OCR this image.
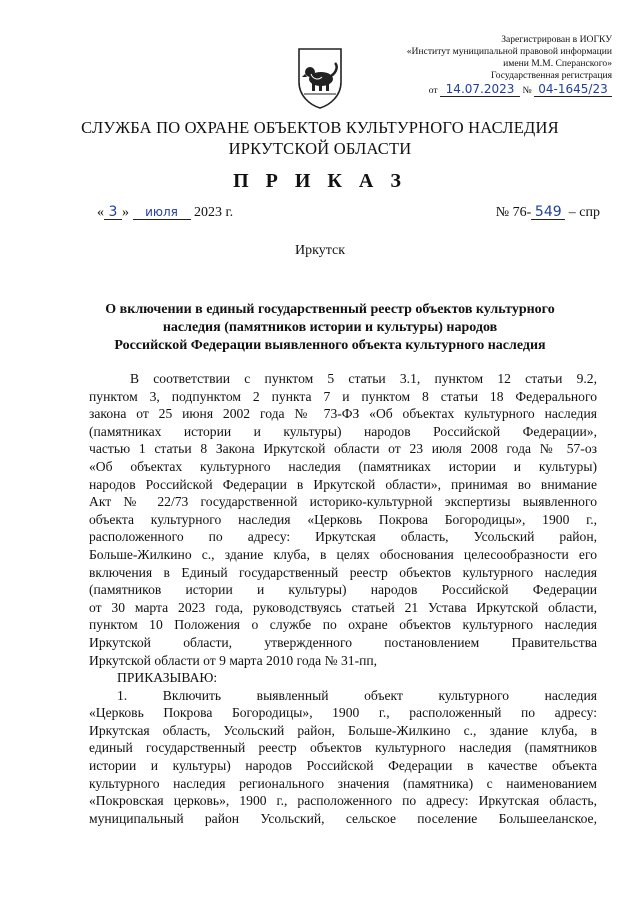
Зарегистрирован в ИОГКУ
«Институт муниципальной правовой информации
имени М.М. Сперанского»
Государственная регистрация
от 14.07.2023 № 04-1645/23
СЛУЖБА ПО ОХРАНЕ ОБЪЕКТОВ КУЛЬТУРНОГО НАСЛЕДИЯ
ИРКУТСКОЙ ОБЛАСТИ
П Р И К А З
« 3 » июля 2023 г.	№ 76- 549 – спр
Иркутск
О включении в единый государственный реестр объектов культурного
наследия (памятников истории и культуры) народов
Российской Федерации выявленного объекта культурного наследия
В соответствии с пунктом 5 статьи 3.1, пунктом 12 статьи 9.2,
пунктом 3, подпунктом 2 пункта 7 и пунктом 8 статьи 18 Федерального
закона от 25 июня 2002 года № 73-ФЗ «Об объектах культурного наследия
(памятниках истории и культуры) народов Российской Федерации»,
частью 1 статьи 8 Закона Иркутской области от 23 июля 2008 года № 57-оз
«Об объектах культурного наследия (памятниках истории и культуры)
народов Российской Федерации в Иркутской области», принимая во внимание
Акт № 22/73 государственной историко-культурной экспертизы выявленного
объекта культурного наследия «Церковь Покрова Богородицы», 1900 г.,
расположенного по адресу: Иркутская область, Усольский район,
Больше-Жилкино с., здание клуба, в целях обоснования целесообразности его
включения в Единый государственный реестр объектов культурного наследия
(памятников истории и культуры) народов Российской Федерации
от 30 марта 2023 года, руководствуясь статьей 21 Устава Иркутской области,
пунктом 10 Положения о службе по охране объектов культурного наследия
Иркутской области, утвержденного постановлением Правительства
Иркутской области от 9 марта 2010 года № 31-пп,
ПРИКАЗЫВАЮ:
1. Включить выявленный объект культурного наследия
«Церковь Покрова Богородицы», 1900 г., расположенный по адресу:
Иркутская область, Усольский район, Больше-Жилкино с., здание клуба, в
единый государственный реестр объектов культурного наследия (памятников
истории и культуры) народов Российской Федерации в качестве объекта
культурного наследия регионального значения (памятника) с наименованием
«Покровская церковь», 1900 г., расположенного по адресу: Иркутская область,
муниципальный район Усольский, сельское поселение Большееланское,
